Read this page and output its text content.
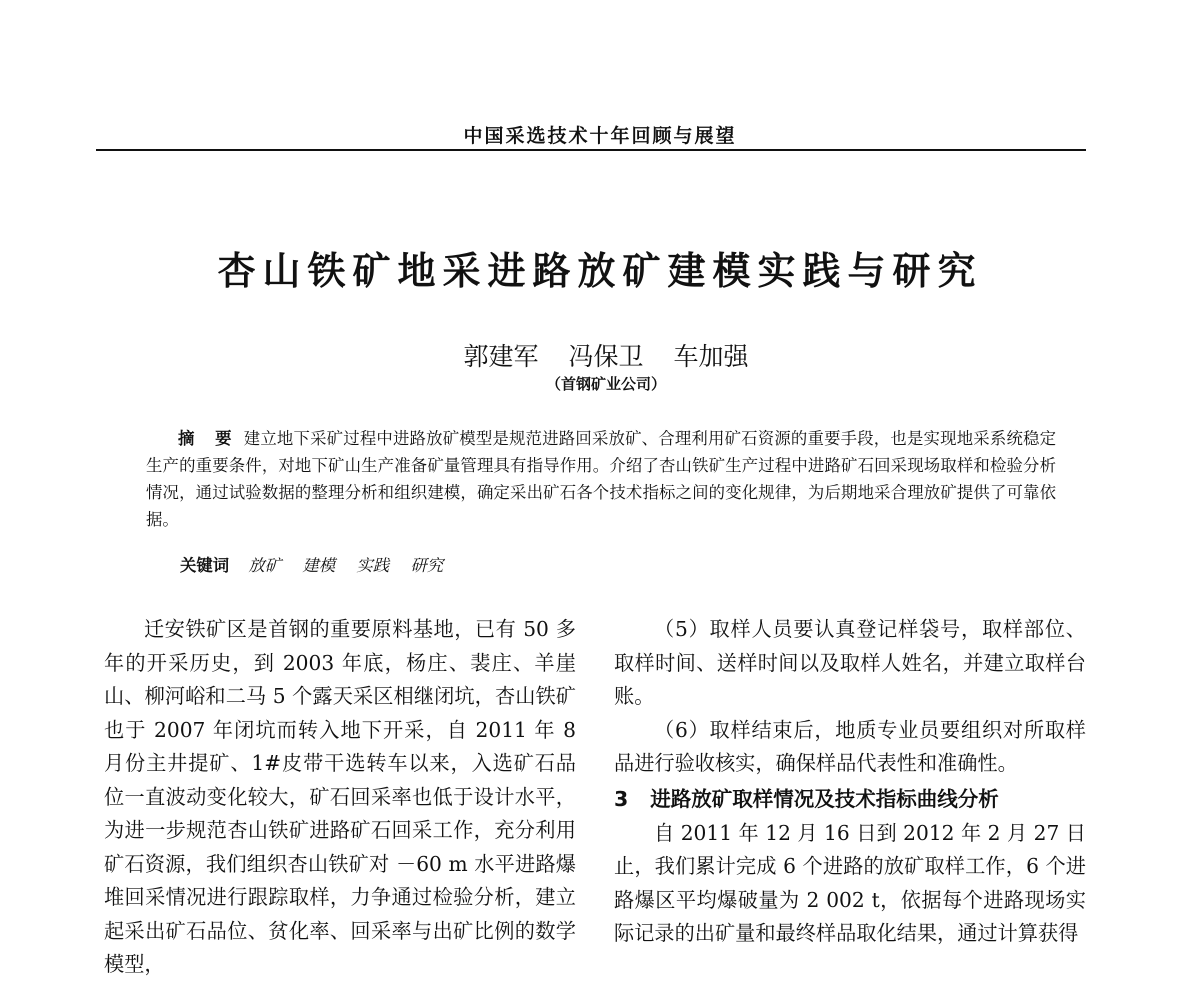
中国采选技术十年回顾与展望
杏山铁矿地采进路放矿建模实践与研究
郭建军 冯保卫 车加强
（首钢矿业公司）

摘　要 建立地下采矿过程中进路放矿模型是规范进路回采放矿、合理利用矿石资源的重要手段，也是实现地采系统稳定生产的重要条件，对地下矿山生产准备矿量管理具有指导作用。介绍了杏山铁矿生产过程中进路矿石回采现场取样和检验分析情况，通过试验数据的整理分析和组织建模，确定采出矿石各个技术指标之间的变化规律，为后期地采合理放矿提供了可靠依据。

关键词 放矿 建模 实践 研究

迁安铁矿区是首钢的重要原料基地，已有 50 多年的开采历史，到 2003 年底，杨庄、裴庄、羊崖山、柳河峪和二马 5 个露天采区相继闭坑，杏山铁矿也于 2007 年闭坑而转入地下开采，自 2011 年 8 月份主井提矿、1#皮带干选转车以来，入选矿石品位一直波动变化较大，矿石回采率也低于设计水平，为进一步规范杏山铁矿进路矿石回采工作，充分利用矿石资源，我们组织杏山铁矿对 －60 m 水平进路爆堆回采情况进行跟踪取样，力争通过检验分析，建立起采出矿石品位、贫化率、回采率与出矿比例的数学模型，

（5）取样人员要认真登记样袋号，取样部位、取样时间、送样时间以及取样人姓名，并建立取样台账。

（6）取样结束后，地质专业员要组织对所取样品进行验收核实，确保样品代表性和准确性。

3 进路放矿取样情况及技术指标曲线分析

自 2011 年 12 月 16 日到 2012 年 2 月 27 日止，我们累计完成 6 个进路的放矿取样工作，6 个进路爆区平均爆破量为 2 002 t，依据每个进路现场实际记录的出矿量和最终样品取化结果，通过计算获得
